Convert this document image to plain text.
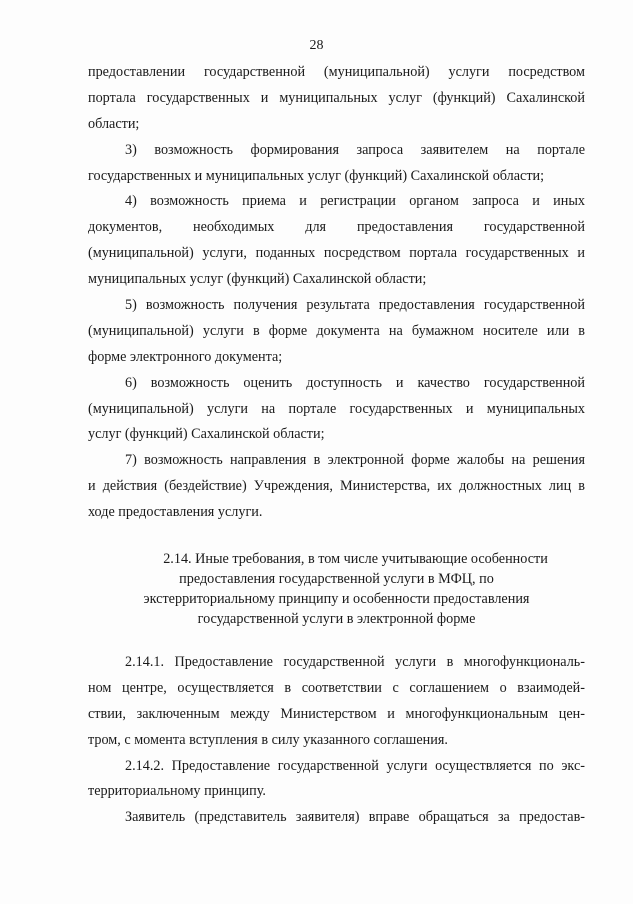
28
предоставлении государственной (муниципальной) услуги посредством
портала государственных и муниципальных услуг (функций) Сахалинской
области;
3) возможность формирования запроса заявителем на портале
государственных и муниципальных услуг (функций) Сахалинской области;
4) возможность приема и регистрации органом запроса и иных
документов, необходимых для предоставления государственной
(муниципальной) услуги, поданных посредством портала государственных и
муниципальных услуг (функций) Сахалинской области;
5) возможность получения результата предоставления государственной
(муниципальной) услуги в форме документа на бумажном носителе или в
форме электронного документа;
6) возможность оценить доступность и качество государственной
(муниципальной) услуги на портале государственных и муниципальных
услуг (функций) Сахалинской области;
7) возможность направления в электронной форме жалобы на решения
и действия (бездействие) Учреждения, Министерства, их должностных лиц в
ходе предоставления услуги.
2.14. Иные требования, в том числе учитывающие особенности
предоставления государственной услуги в МФЦ, по
экстерриториальному принципу и особенности предоставления
государственной услуги в электронной форме
2.14.1. Предоставление государственной услуги в многофункциональ-
ном центре, осуществляется в соответствии с соглашением о взаимодей-
ствии, заключенным между Министерством и многофункциональным цен-
тром, с момента вступления в силу указанного соглашения.
2.14.2. Предоставление государственной услуги осуществляется по экс-
территориальному принципу.
Заявитель (представитель заявителя) вправе обращаться за предостав-
